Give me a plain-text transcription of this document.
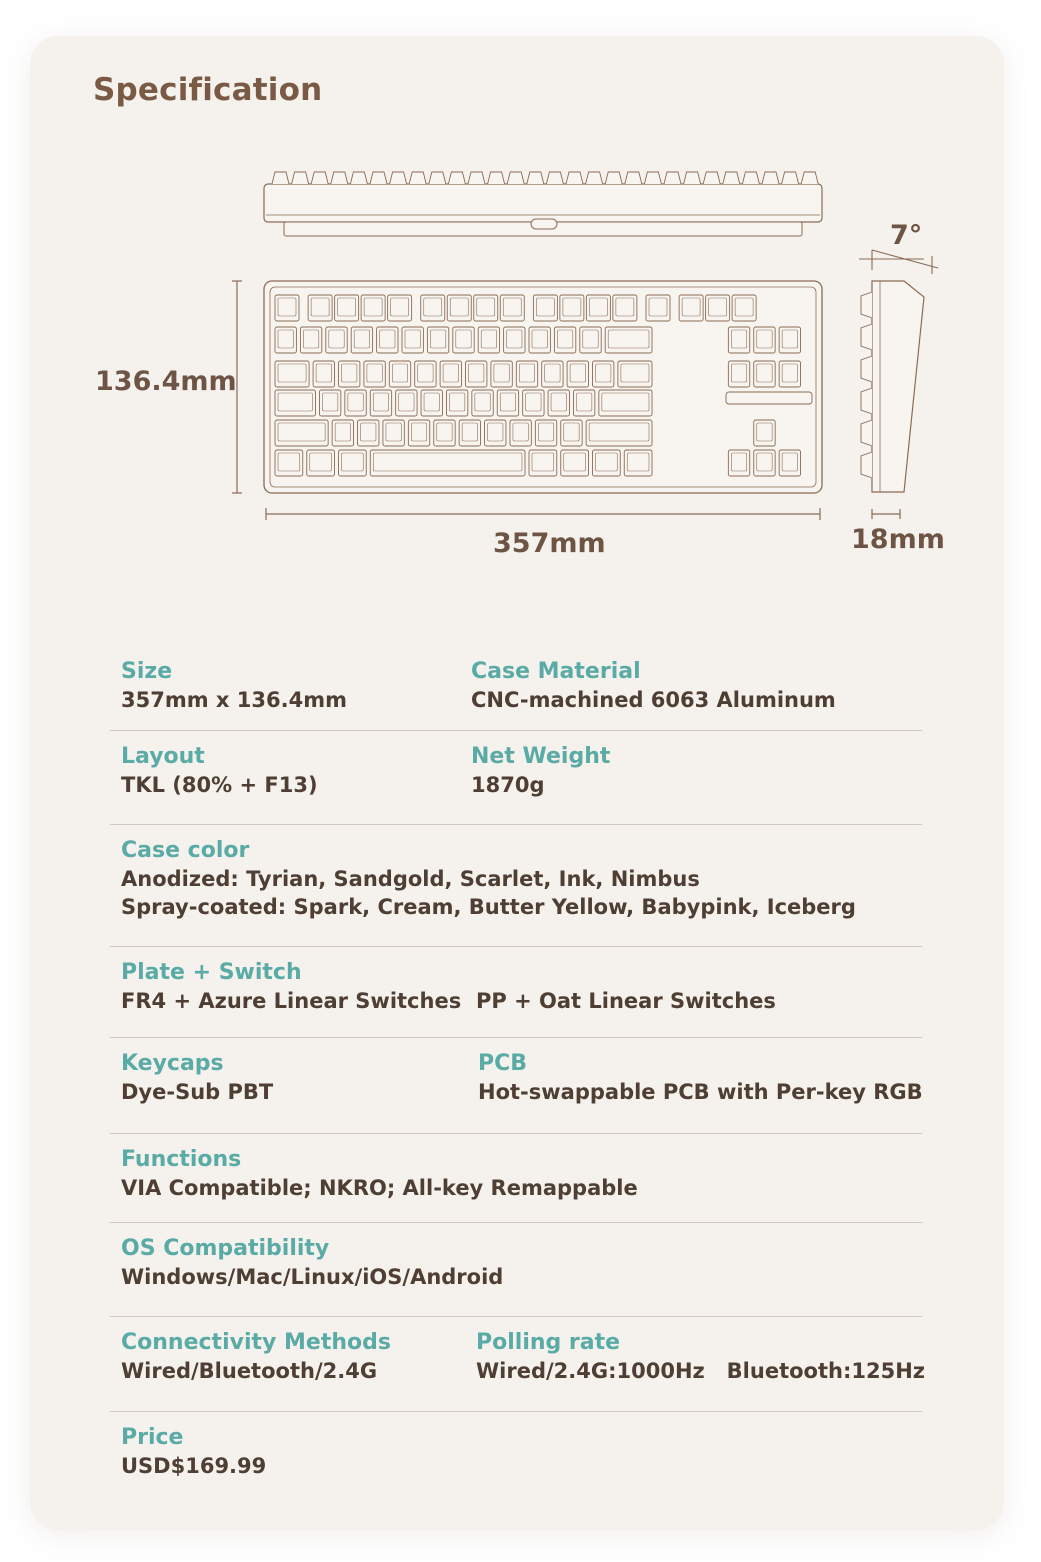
Specification
136.4mm
357mm	18mm
7°
Size
357mm x 136.4mm
Case Material
CNC-machined 6063 Aluminum
Layout
TKL (80% + F13)
Net Weight
1870g
Case color
Anodized: Tyrian, Sandgold, Scarlet, Ink, Nimbus
Spray-coated: Spark, Cream, Butter Yellow, Babypink, Iceberg
Plate + Switch
FR4 + Azure Linear Switches
PP + Oat Linear Switches
Keycaps
Dye-Sub PBT
PCB
Hot-swappable PCB with Per-key RGB
Functions
VIA Compatible; NKRO; All-key Remappable
OS Compatibility
Windows/Mac/Linux/iOS/Android
Connectivity Methods
Wired/Bluetooth/2.4G
Polling rate
Wired/2.4G:1000Hz   Bluetooth:125Hz
Price
USD$169.99
